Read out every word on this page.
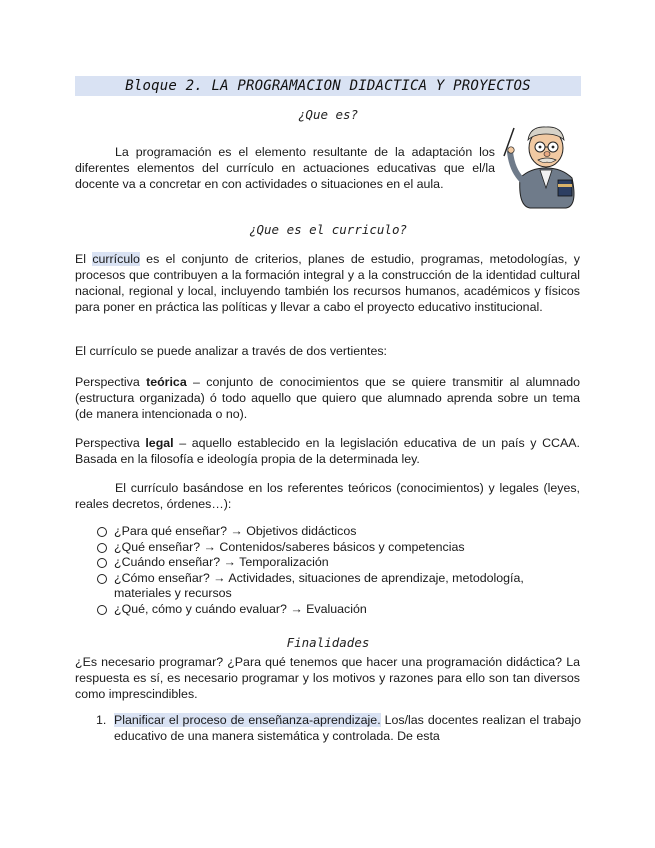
Bloque 2. LA PROGRAMACION DIDACTICA Y PROYECTOS
¿Que es?
La programación es el elemento resultante de la adaptación los diferentes elementos del currículo en actuaciones educativas que el/la docente va a concretar en con actividades o situaciones en el aula.
¿Que es el curriculo?
El currículo es el conjunto de criterios, planes de estudio, programas, metodologías, y procesos que contribuyen a la formación integral y a la construcción de la identidad cultural nacional, regional y local, incluyendo también los recursos humanos, académicos y físicos para poner en práctica las políticas y llevar a cabo el proyecto educativo institucional.
El currículo se puede analizar a través de dos vertientes:
Perspectiva teórica – conjunto de conocimientos que se quiere transmitir al alumnado (estructura organizada) ó todo aquello que quiero que alumnado aprenda sobre un tema (de manera intencionada o no).
Perspectiva legal – aquello establecido en la legislación educativa de un país y CCAA. Basada en la filosofía e ideología propia de la determinada ley.
El currículo basándose en los referentes teóricos (conocimientos) y legales (leyes, reales decretos, órdenes…):
¿Para qué enseñar? → Objetivos didácticos
¿Qué enseñar? → Contenidos/saberes básicos y competencias
¿Cuándo enseñar? → Temporalización
¿Cómo enseñar? → Actividades, situaciones de aprendizaje, metodología, materiales y recursos
¿Qué, cómo y cuándo evaluar? → Evaluación
Finalidades
¿Es necesario programar? ¿Para qué tenemos que hacer una programación didáctica? La respuesta es sí, es necesario programar y los motivos y razones para ello son tan diversos como imprescindibles.
1. Planificar el proceso de enseñanza-aprendizaje. Los/las docentes realizan el trabajo educativo de una manera sistemática y controlada. De esta
